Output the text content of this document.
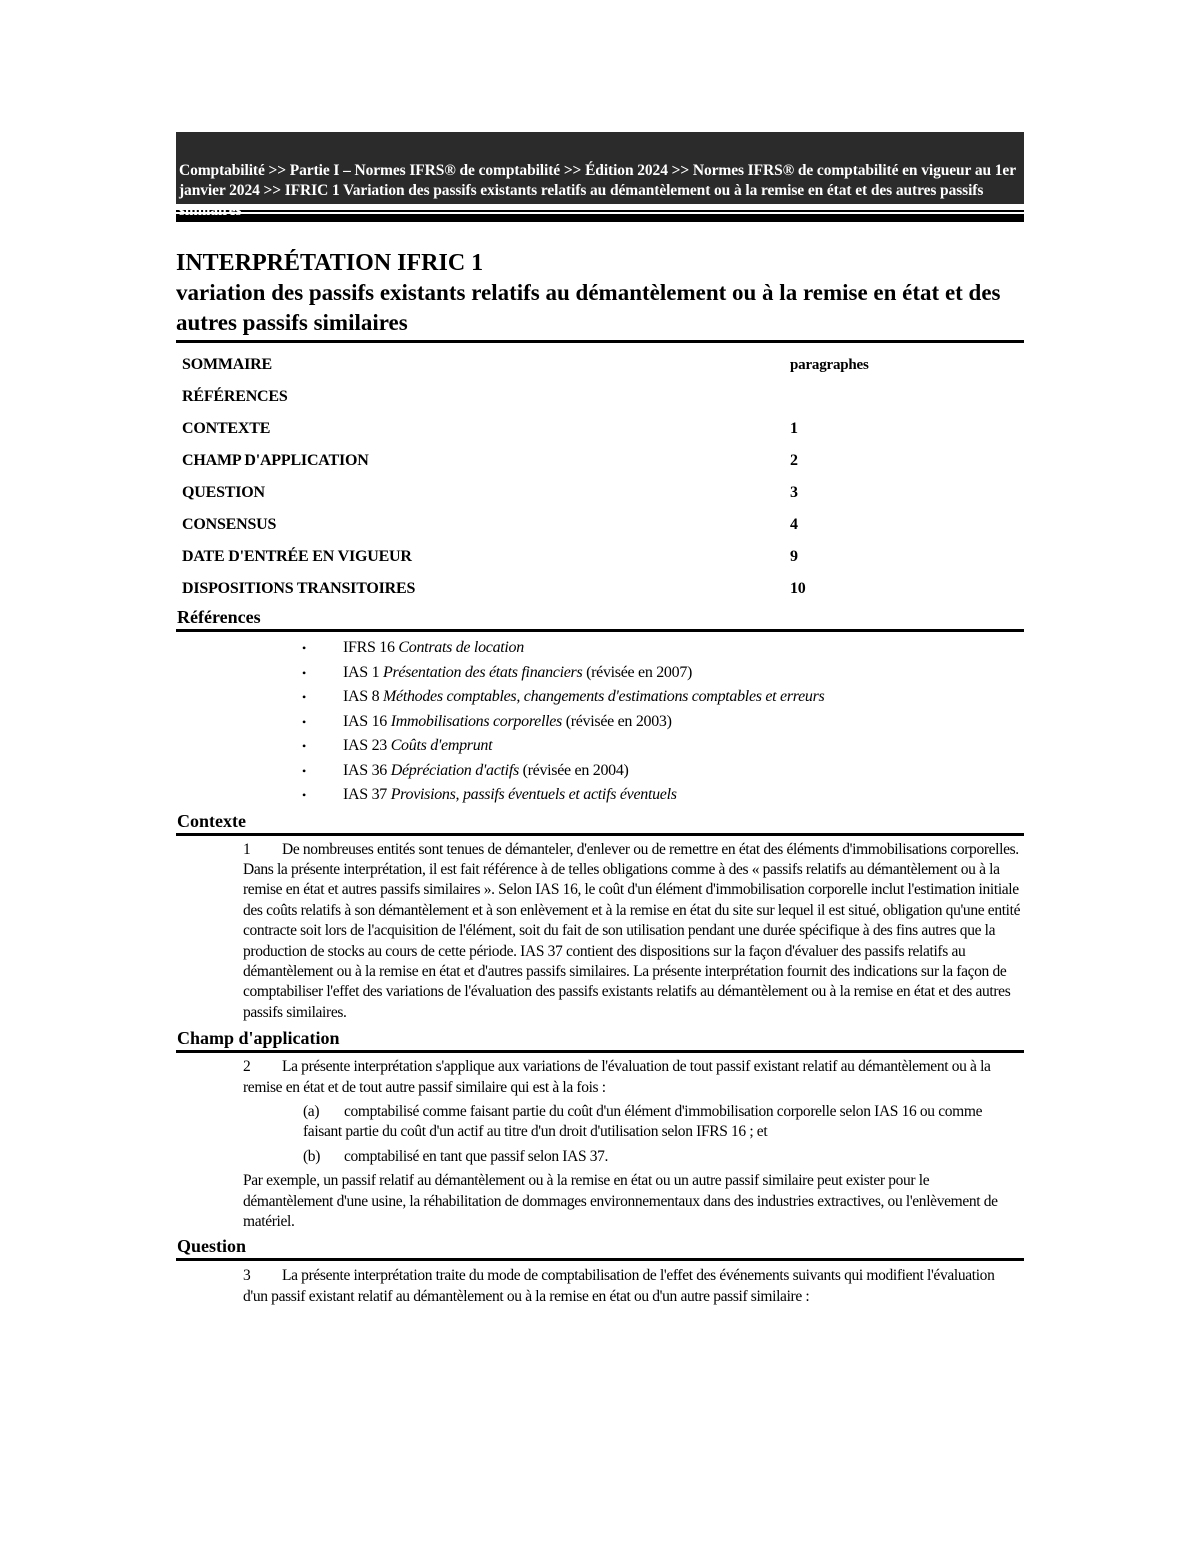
Comptabilité >> Partie I – Normes IFRS® de comptabilité >> Édition 2024 >> Normes IFRS® de comptabilité en vigueur au 1er janvier 2024 >> IFRIC 1 Variation des passifs existants relatifs au démantèlement ou à la remise en état et des autres passifs similaires
INTERPRÉTATION IFRIC 1
variation des passifs existants relatifs au démantèlement ou à la remise en état et des autres passifs similaires
SOMMAIRE	paragraphes
RÉFÉRENCES	
CONTEXTE	1
CHAMP D'APPLICATION	2
QUESTION	3
CONSENSUS	4
DATE D'ENTRÉE EN VIGUEUR	9
DISPOSITIONS TRANSITOIRES	10
Références
• IFRS 16 Contrats de location
• IAS 1 Présentation des états financiers (révisée en 2007)
• IAS 8 Méthodes comptables, changements d'estimations comptables et erreurs
• IAS 16 Immobilisations corporelles (révisée en 2003)
• IAS 23 Coûts d'emprunt
• IAS 36 Dépréciation d'actifs (révisée en 2004)
• IAS 37 Provisions, passifs éventuels et actifs éventuels
Contexte
1 De nombreuses entités sont tenues de démanteler, d'enlever ou de remettre en état des éléments d'immobilisations corporelles. Dans la présente interprétation, il est fait référence à de telles obligations comme à des « passifs relatifs au démantèlement ou à la remise en état et autres passifs similaires ». Selon IAS 16, le coût d'un élément d'immobilisation corporelle inclut l'estimation initiale des coûts relatifs à son démantèlement et à son enlèvement et à la remise en état du site sur lequel il est situé, obligation qu'une entité contracte soit lors de l'acquisition de l'élément, soit du fait de son utilisation pendant une durée spécifique à des fins autres que la production de stocks au cours de cette période. IAS 37 contient des dispositions sur la façon d'évaluer des passifs relatifs au démantèlement ou à la remise en état et d'autres passifs similaires. La présente interprétation fournit des indications sur la façon de comptabiliser l'effet des variations de l'évaluation des passifs existants relatifs au démantèlement ou à la remise en état et des autres passifs similaires.
Champ d'application
2 La présente interprétation s'applique aux variations de l'évaluation de tout passif existant relatif au démantèlement ou à la remise en état et de tout autre passif similaire qui est à la fois :
(a) comptabilisé comme faisant partie du coût d'un élément d'immobilisation corporelle selon IAS 16 ou comme faisant partie du coût d'un actif au titre d'un droit d'utilisation selon IFRS 16 ; et
(b) comptabilisé en tant que passif selon IAS 37.
Par exemple, un passif relatif au démantèlement ou à la remise en état ou un autre passif similaire peut exister pour le démantèlement d'une usine, la réhabilitation de dommages environnementaux dans des industries extractives, ou l'enlèvement de matériel.
Question
3 La présente interprétation traite du mode de comptabilisation de l'effet des événements suivants qui modifient l'évaluation d'un passif existant relatif au démantèlement ou à la remise en état ou d'un autre passif similaire :
